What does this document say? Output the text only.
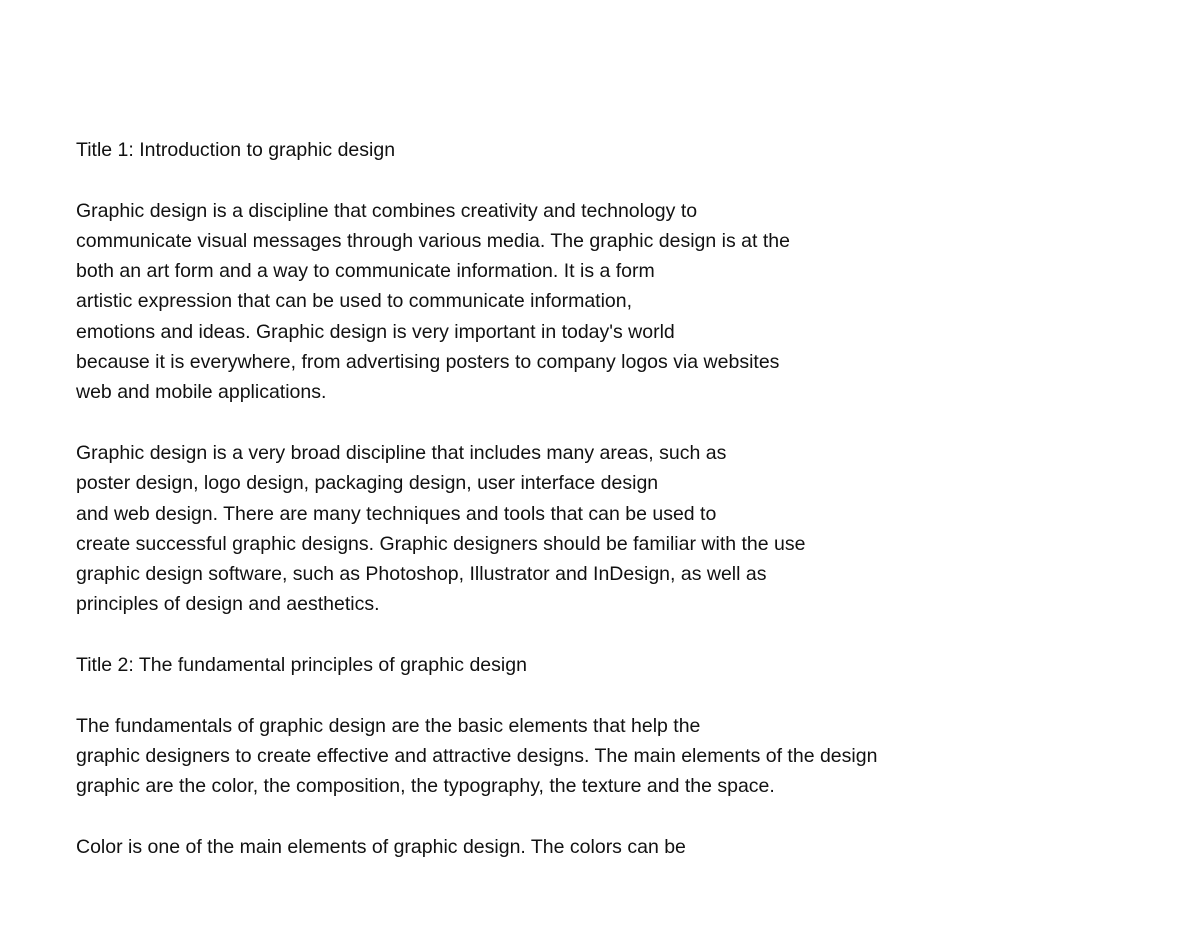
Title 1: Introduction to graphic design
Graphic design is a discipline that combines creativity and technology to
communicate visual messages through various media. The graphic design is at the
both an art form and a way to communicate information. It is a form
artistic expression that can be used to communicate information,
emotions and ideas. Graphic design is very important in today's world
because it is everywhere, from advertising posters to company logos via websites
web and mobile applications.
Graphic design is a very broad discipline that includes many areas, such as
poster design, logo design, packaging design, user interface design
and web design. There are many techniques and tools that can be used to
create successful graphic designs. Graphic designers should be familiar with the use
graphic design software, such as Photoshop, Illustrator and InDesign, as well as
principles of design and aesthetics.
Title 2: The fundamental principles of graphic design
The fundamentals of graphic design are the basic elements that help the
graphic designers to create effective and attractive designs. The main elements of the design
graphic are the color, the composition, the typography, the texture and the space.
Color is one of the main elements of graphic design. The colors can be
